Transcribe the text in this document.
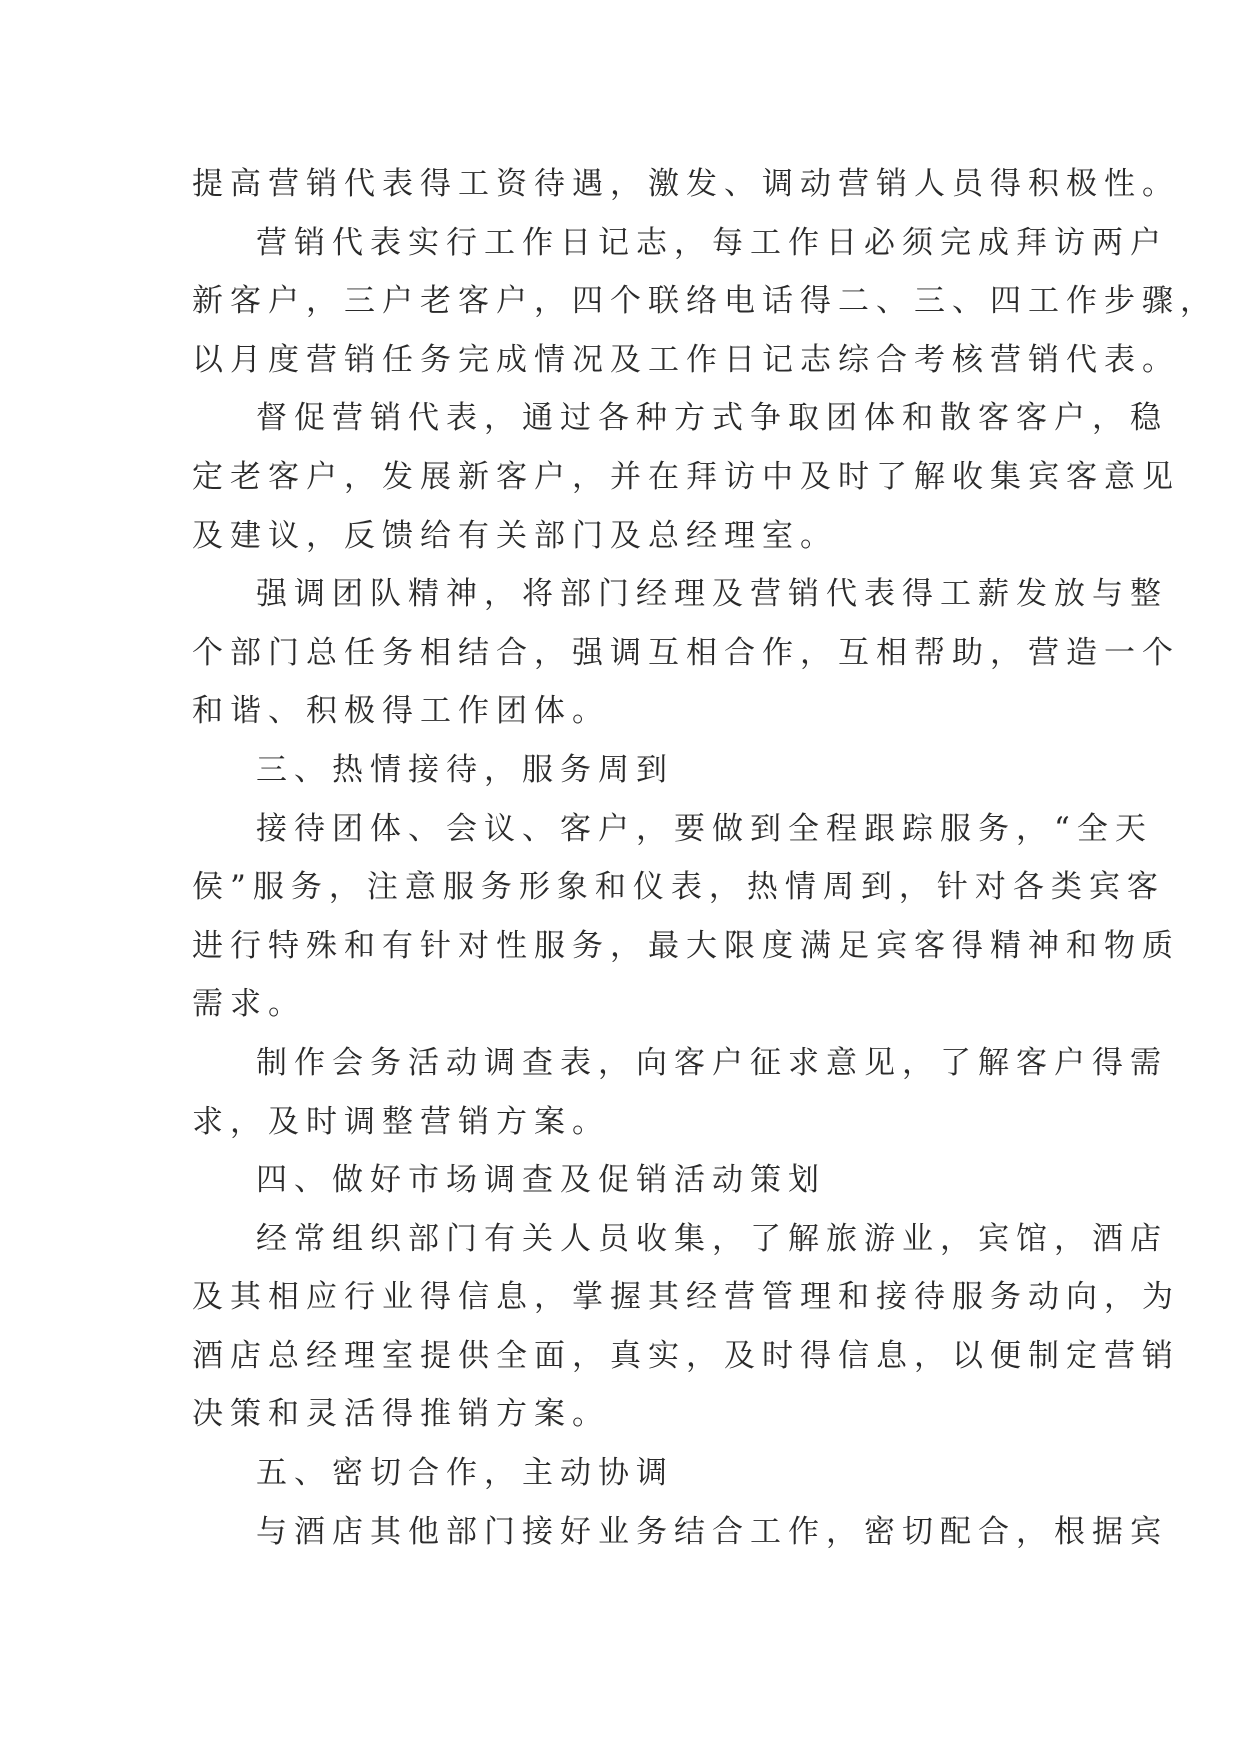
提高营销代表得工资待遇，激发、调动营销人员得积极性。
营销代表实行工作日记志，每工作日必须完成拜访两户
新客户，三户老客户，四个联络电话得二、三、四工作步骤，
以月度营销任务完成情况及工作日记志综合考核营销代表。
督促营销代表，通过各种方式争取团体和散客客户，稳
定老客户，发展新客户，并在拜访中及时了解收集宾客意见
及建议，反馈给有关部门及总经理室。
强调团队精神，将部门经理及营销代表得工薪发放与整
个部门总任务相结合，强调互相合作，互相帮助，营造一个
和谐、积极得工作团体。
三、热情接待，服务周到
接待团体、会议、客户，要做到全程跟踪服务，“全天
侯”服务，注意服务形象和仪表，热情周到，针对各类宾客
进行特殊和有针对性服务，最大限度满足宾客得精神和物质
需求。
制作会务活动调查表，向客户征求意见，了解客户得需
求，及时调整营销方案。
四、做好市场调查及促销活动策划
经常组织部门有关人员收集，了解旅游业，宾馆，酒店
及其相应行业得信息，掌握其经营管理和接待服务动向，为
酒店总经理室提供全面，真实，及时得信息，以便制定营销
决策和灵活得推销方案。
五、密切合作，主动协调
与酒店其他部门接好业务结合工作，密切配合，根据宾
